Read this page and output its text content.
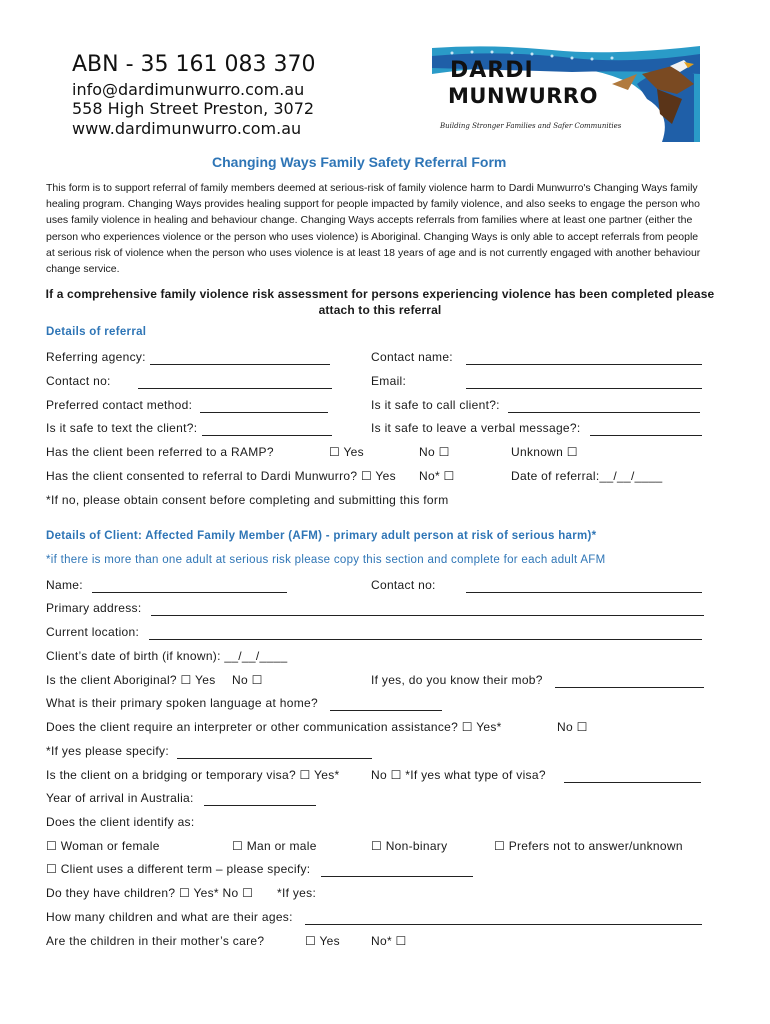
ABN - 35 161 083 370
info@dardimunwurro.com.au
558 High Street Preston, 3072
www.dardimunwurro.com.au
DARDI
MUNWURRO
Building Stronger Families and Safer Communities
Changing Ways Family Safety Referral Form
This form is to support referral of family members deemed at serious-risk of family violence harm to Dardi Munwurro's Changing Ways family healing program. Changing Ways provides healing support for people impacted by family violence, and also seeks to engage the person who uses family violence in healing and behaviour change. Changing Ways accepts referrals from families where at least one partner (either the person who experiences violence or the person who uses violence) is Aboriginal. Changing Ways is only able to accept referrals from people at serious risk of violence when the person who uses violence is at least 18 years of age and is not currently engaged with another behaviour change service.
If a comprehensive family violence risk assessment for persons experiencing violence has been completed please attach to this referral
Details of referral
Referring agency:	Contact name:
Contact no:	Email:
Preferred contact method:	Is it safe to call client?:
Is it safe to text the client?:	Is it safe to leave a verbal message?:
Has the client been referred to a RAMP?	☐ Yes	No ☐	Unknown ☐
Has the client consented to referral to Dardi Munwurro? ☐ Yes No* ☐	Date of referral:__/__/____
*If no, please obtain consent before completing and submitting this form
Details of Client: Affected Family Member (AFM) - primary adult person at risk of serious harm)*
*if there is more than one adult at serious risk please copy this section and complete for each adult AFM
Name:	Contact no:
Primary address:
Current location:
Client’s date of birth (if known): __/__/____
Is the client Aboriginal? ☐ Yes No ☐	If yes, do you know their mob?
What is their primary spoken language at home?
Does the client require an interpreter or other communication assistance? ☐ Yes*	No ☐
*If yes please specify:
Is the client on a bridging or temporary visa? ☐ Yes*	No ☐ *If yes what type of visa?
Year of arrival in Australia:
Does the client identify as:
☐ Woman or female	☐ Man or male	☐ Non-binary	☐ Prefers not to answer/unknown
☐ Client uses a different term – please specify:
Do they have children? ☐ Yes* No ☐ *If yes:
How many children and what are their ages:
Are the children in their mother’s care?	☐ Yes	No* ☐
